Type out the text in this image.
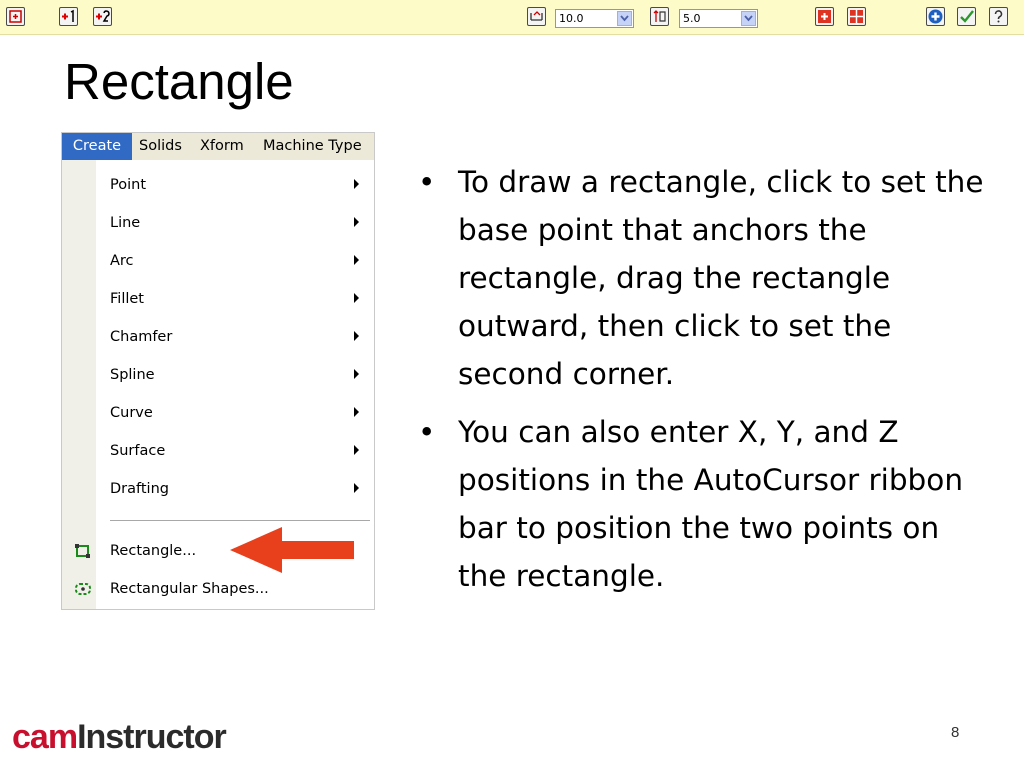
10.0	5.0
Rectangle
Create	Solids Xform Machine Type
Point
Line
Arc
Fillet
Chamfer
Spline
Curve
Surface
Drafting
Rectangle...
Rectangular Shapes...
• To draw a rectangle, click to set the base point that anchors the rectangle, drag the rectangle outward, then click to set the second corner.
• You can also enter X, Y, and Z positions in the AutoCursor ribbon bar to position the two points on the rectangle.
camInstructor	8
